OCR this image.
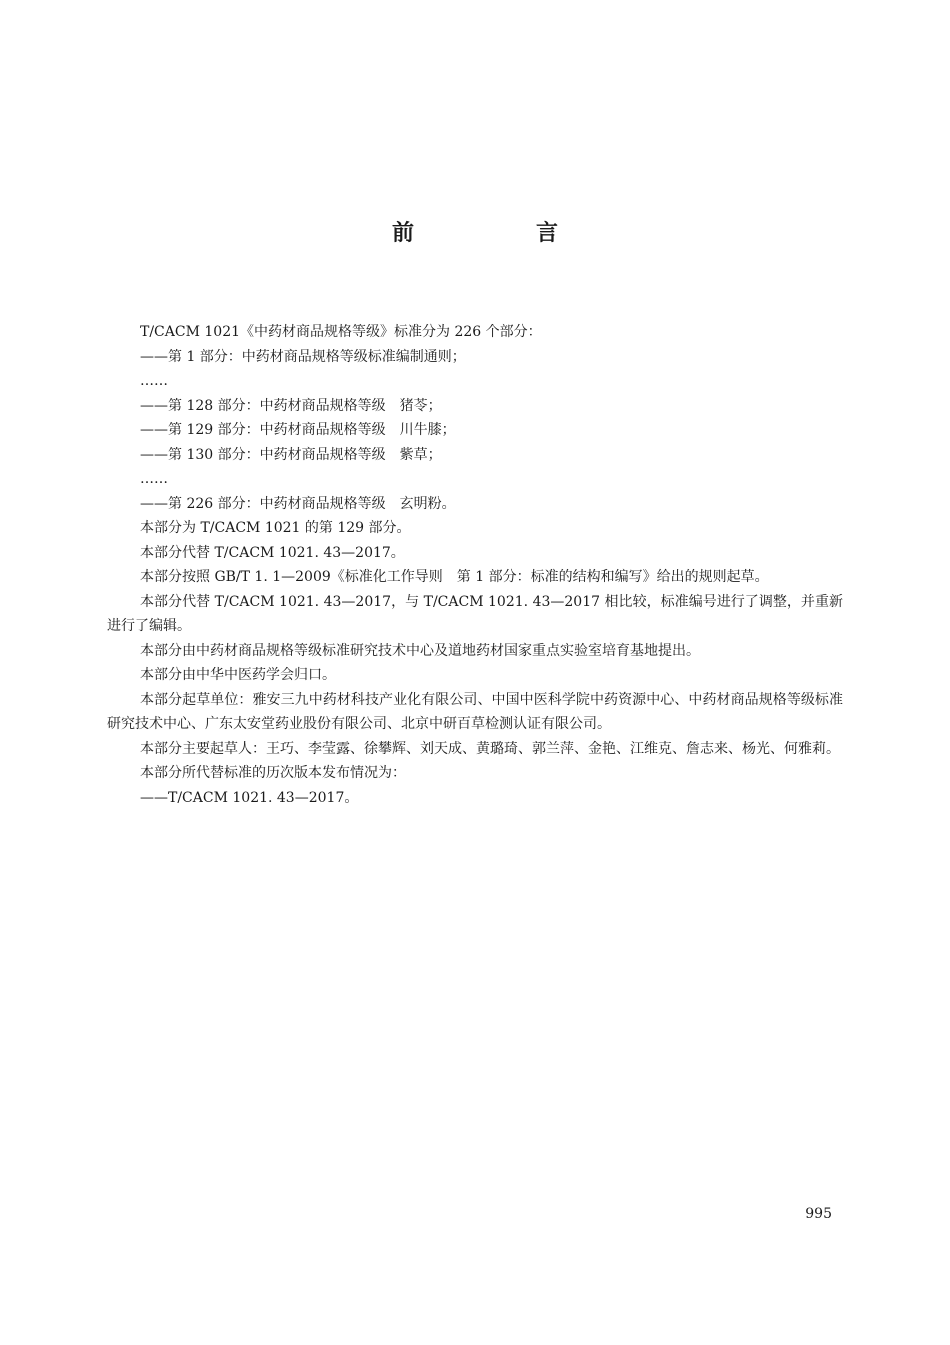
前　言

T/CACM 1021《中药材商品规格等级》标准分为 226 个部分：

——第 1 部分：中药材商品规格等级标准编制通则；

……

——第 128 部分：中药材商品规格等级　猪苓；

——第 129 部分：中药材商品规格等级　川牛膝；

——第 130 部分：中药材商品规格等级　紫草；

……

——第 226 部分：中药材商品规格等级　玄明粉。

本部分为 T/CACM 1021 的第 129 部分。

本部分代替 T/CACM 1021. 43—2017。

本部分按照 GB/T 1. 1—2009《标准化工作导则　第 1 部分：标准的结构和编写》给出的规则起草。

本部分代替 T/CACM 1021. 43—2017，与 T/CACM 1021. 43—2017 相比较，标准编号进行了调整，并重新进行了编辑。

本部分由中药材商品规格等级标准研究技术中心及道地药材国家重点实验室培育基地提出。

本部分由中华中医药学会归口。

本部分起草单位：雅安三九中药材科技产业化有限公司、中国中医科学院中药资源中心、中药材商品规格等级标准研究技术中心、广东太安堂药业股份有限公司、北京中研百草检测认证有限公司。

本部分主要起草人：王巧、李莹露、徐攀辉、刘天成、黄璐琦、郭兰萍、金艳、江维克、詹志来、杨光、何雅莉。

本部分所代替标准的历次版本发布情况为：

——T/CACM 1021. 43—2017。

995
